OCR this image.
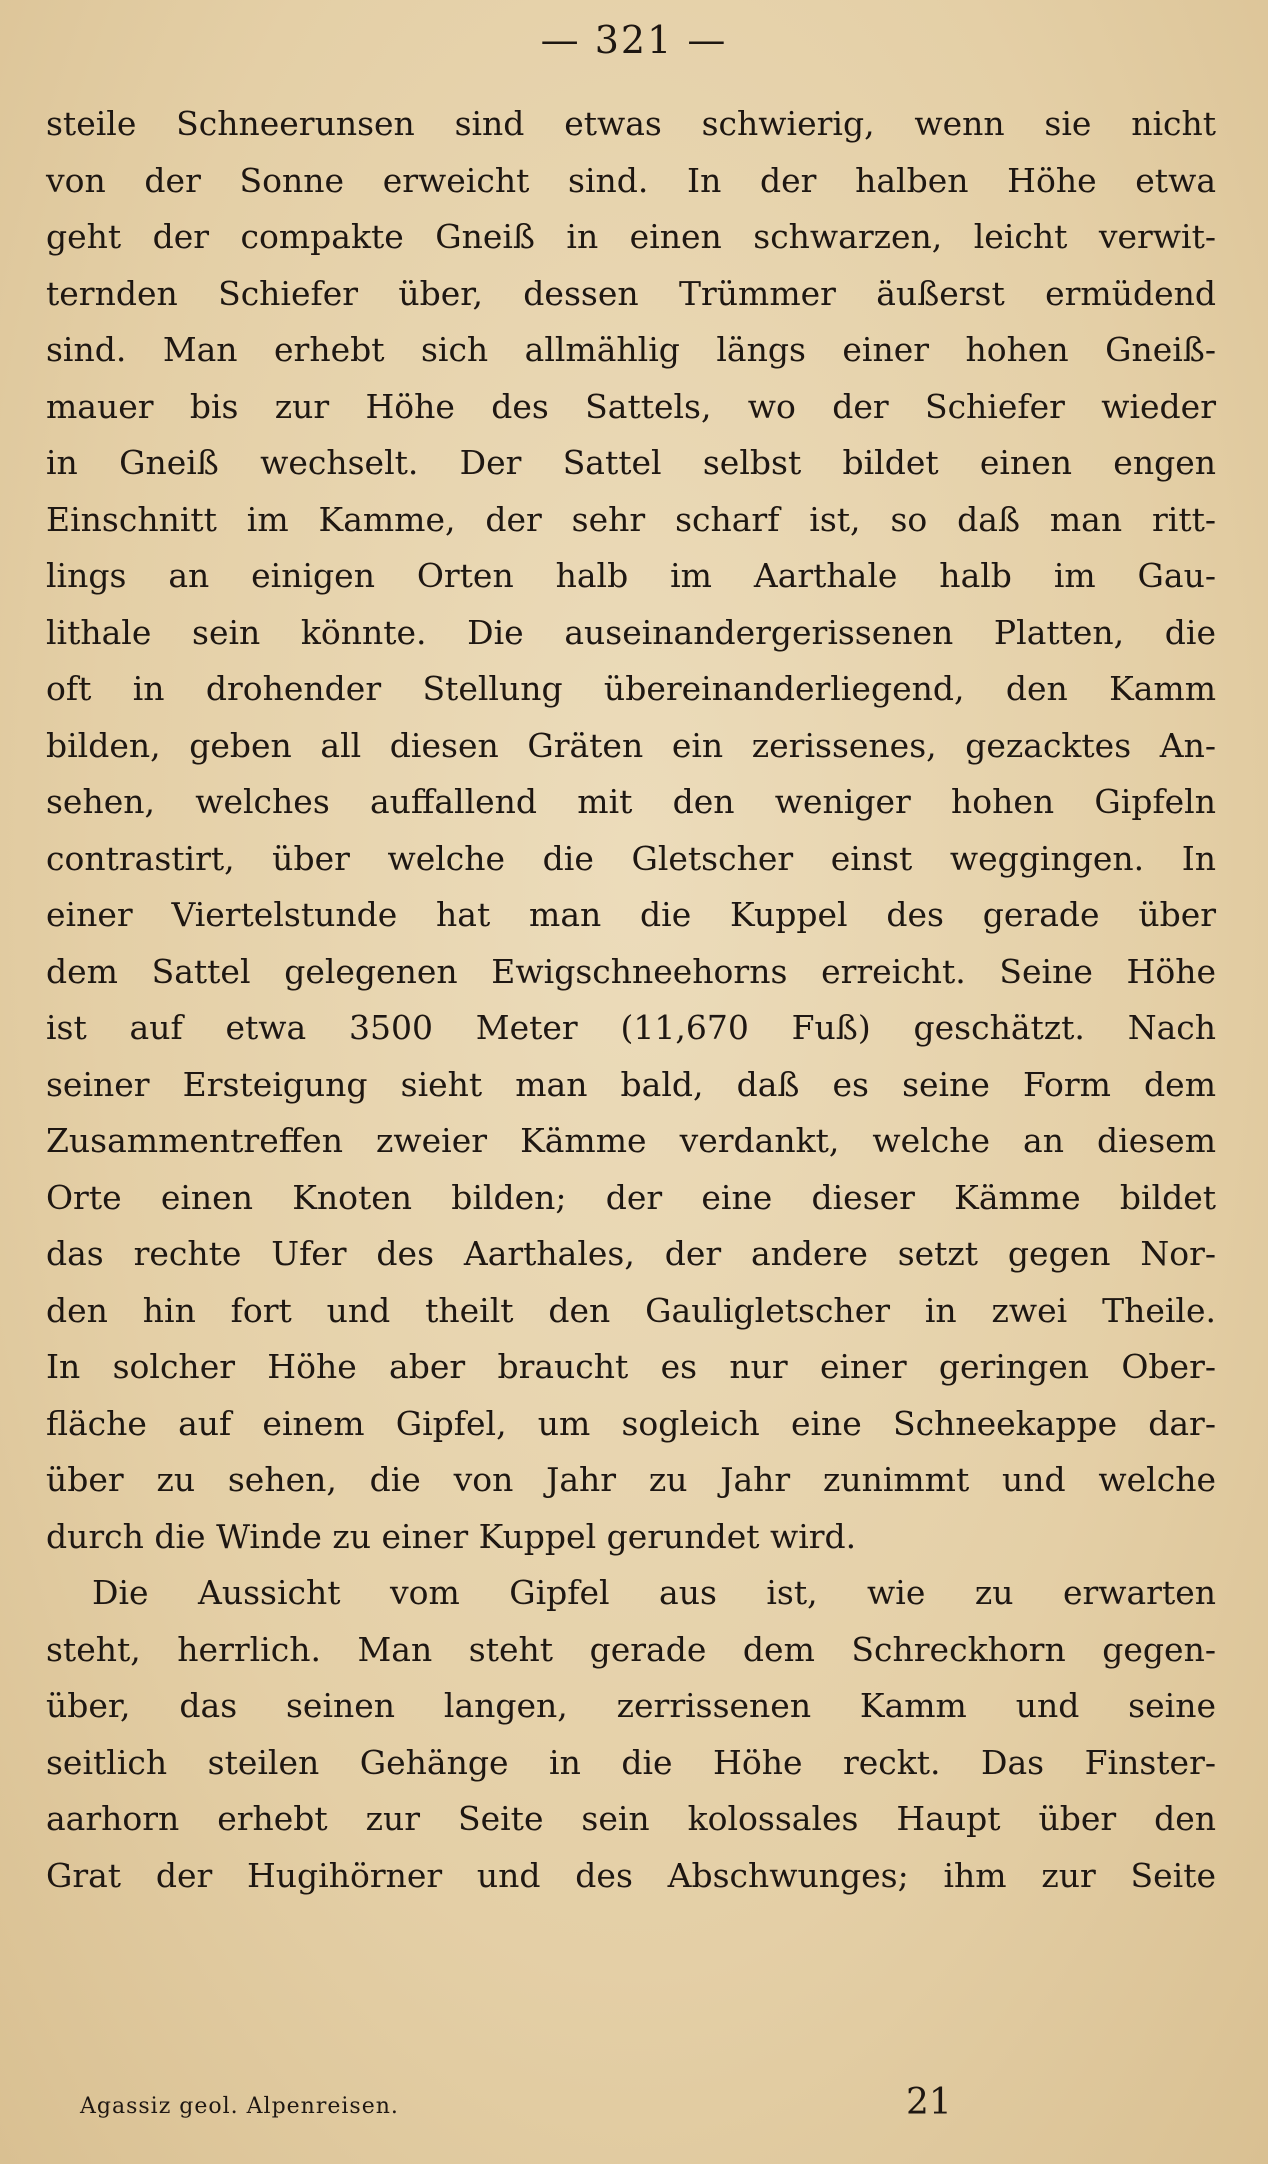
— 321 —
steile Schneerunsen sind etwas schwierig, wenn sie nicht
von der Sonne erweicht sind. In der halben Höhe etwa
geht der compakte Gneiß in einen schwarzen, leicht verwit-
ternden Schiefer über, dessen Trümmer äußerst ermüdend
sind. Man erhebt sich allmählig längs einer hohen Gneiß-
mauer bis zur Höhe des Sattels, wo der Schiefer wieder
in Gneiß wechselt. Der Sattel selbst bildet einen engen
Einschnitt im Kamme, der sehr scharf ist, so daß man ritt-
lings an einigen Orten halb im Aarthale halb im Gau-
lithale sein könnte. Die auseinandergerissenen Platten, die
oft in drohender Stellung übereinanderliegend, den Kamm
bilden, geben all diesen Gräten ein zerissenes, gezacktes An-
sehen, welches auffallend mit den weniger hohen Gipfeln
contrastirt, über welche die Gletscher einst weggingen. In
einer Viertelstunde hat man die Kuppel des gerade über
dem Sattel gelegenen Ewigschneehorns erreicht. Seine Höhe
ist auf etwa 3500 Meter (11,670 Fuß) geschätzt. Nach
seiner Ersteigung sieht man bald, daß es seine Form dem
Zusammentreffen zweier Kämme verdankt, welche an diesem
Orte einen Knoten bilden; der eine dieser Kämme bildet
das rechte Ufer des Aarthales, der andere setzt gegen Nor-
den hin fort und theilt den Gauligletscher in zwei Theile.
In solcher Höhe aber braucht es nur einer geringen Ober-
fläche auf einem Gipfel, um sogleich eine Schneekappe dar-
über zu sehen, die von Jahr zu Jahr zunimmt und welche
durch die Winde zu einer Kuppel gerundet wird.
Die Aussicht vom Gipfel aus ist, wie zu erwarten
steht, herrlich. Man steht gerade dem Schreckhorn gegen-
über, das seinen langen, zerrissenen Kamm und seine
seitlich steilen Gehänge in die Höhe reckt. Das Finster-
aarhorn erhebt zur Seite sein kolossales Haupt über den
Grat der Hugihörner und des Abschwunges; ihm zur Seite
Agassiz geol. Alpenreisen.	21
